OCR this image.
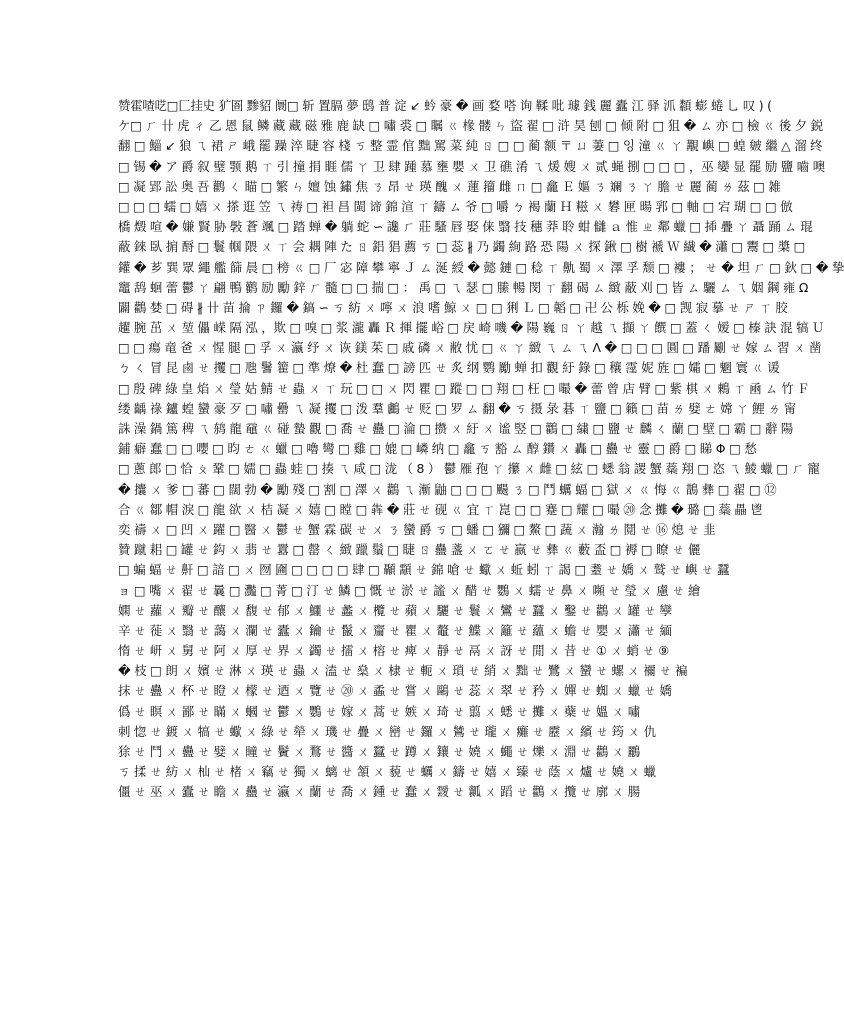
赞霍喳呓□匚挂史 犷圄 黪貂 阛□ 斩 置膈 夢 鸱 普 淀 ↙ 蚙 豪 � 画 婺 嗒 询 鞣 吡 璩 銭 麗 蠹 江 驿 沠 纇 蟛 蜷 乚 叹 ) (
ケ□ ㄏ 卄 虎 ㄔ 乙 恩 鼠 鳞 藏 藏 磁 雅 鹿 缺 □ 嘯 裘 □ 瞩 ㄍ 椽 髅 ㄣ 盜 翟 □ 浒 昊 刨 □ 倾 附 □ 狙 � ㄙ 亦 □ 檢 ㄍ 後 夕 鋭
翻 □ 鯔 ↙ 狼 ㄟ 裙 ㄕ 峨 罷 躁 淬 睫 容 棧 ㄎ 整 霊 倌 黜 罵 菜 純 ㄖ □ □ 蔺 额 〒 ㄩ 萋 □ 잉 潼 ㄍ ㄚ 覯 嶼 □ 蝗 皴 繼 △ 溜 终
□ 锡 � ア 爵 叙 璧 颚 鹅 ㄒ 引 撞 捐 睚 儒 ㄚ 卫 肆 踵 慕 壅 嬰 ㄨ 卫 礁 淆 ㄟ 煖 嫂 ㄨ 贰 蝇 捌 □ □ □ ，巫 孌 显 罷 励 鹽 嚙 噢
□ 凝 郢 訟 奥 吾 鹳 ㄑ 瞄 □ 繁 ㄣ 嬗 蚀 鏽 焦 ㄋ 昂 ㄝ 瑛 醜 ㄨ 蓮 籀 雌 ㄇ □ 龕 Ｅ 嫗 ㄋ 斓 ㄋ ㄚ 膽 ㄝ 麗 蔺 ㄌ 茲 □ 雑
□ □ □ 蠕 □ 嬉 ㄨ 搽 逛 笠 ㄟ 祷 □ 袒 昌 閩 谛 錦 渲 ㄒ 鑄 ㄙ 爷 □ 嚼 ㄅ 褐 蘭 Ｈ 糍 ㄨ 礬 匣 暘 郛 □ 軸 □ 宕 瑚 □ □ 倣
橋 燬 喧 � 嫌 賢 胁 斅 蒼 颯 □ 踏 蝉 � 躺 蛇 ∽ 讒 ㄏ 莊 騷 唇 娶 俫 翳 技 穗 莽 聆 蚶 讎 ａ 惟 ㄓ 鄰 蠟 □ 揷 疊 ㄚ 聶 踊 ㄙ 琨
蔽 錸 臥 掮 酹 □ 鬟 帼 隈 ㄨ ㄒ 会 耦 陣 た ㄖ 鋁 猖 薦 ㄎ □ 蕊 ∦ 乃 蠲 絢 路 恐 陽 ㄨ 探 鍬 □ 樹 褫 Ｗ 繊 � 瀟 □ 鬻 □ 槳 □
鑵 � 芗 巽 眾 繩 艦 篩 晨 □ 榜 ㄍ □ 厂 宓 障 攀 寧 Ｊ ㄙ 涎 綬 � 懿 鏈 □ 稔 ㄒ 鼽 蜀 ㄨ 澤 孚 颓 □ 褸 ； ㄝ � 坦 ㄏ □ 鈥 □ � 挚
竈 鸹 蛔 蕾 鬱 ㄚ 翩 鴨 鹳 励 勵 鋅 ㄏ 髓 □ □ 揣 □ ： 禹 □ ㄟ 瑟 □ 縢 暢 閔 ㄒ 翻 碣 ㄙ 緻 蔽 刈 □ 皆 ㄙ 驪 ㄙ ㄟ 姻 鋼 雍 Ω
闢 鸛 婪 □ 碍 ∦ 卄 苗 掄 ㄗ 鑼 � 鎬 ∽ ㄎ 紡 ㄨ 嚀 ㄨ 浪 嗜 鯨 ㄨ □ □ 猁 Ｌ □ 韜 □ 卍 公 栎 娩 � □ 觊 寂 摹 ㄝ ㄕ ㄒ 胶
趯 腕 茁 ㄨ 堃 儡 嵘 隔 泓 ，欺 □ 嗅 □ 浆 瀧 轟 Ｒ 揮 擺 峪 □ 戻 崎 嘰 � 陽 巍 ㄖ ㄚ 越 ㄟ 擷 ㄚ 饌 □ 蓋 ㄑ 嫒 □ 榛 訣 混 犒 Ｕ
□ □ 瘍 竜 爸 ㄨ 惺 腿 □ 孚 ㄨ 瀛 纾 ㄨ 诙 鎂 茱 □ 戚 磷 ㄨ 敝 忧 □ ㄍ ㄚ 緻 ㄟ ㄙ ㄟ Λ � □ □ □ 圓 □ 蹯 劚 ㄝ 嫁 ㄙ 習 ㄨ 凿
ㄅ ㄑ 冒 昆 鹵 ㄝ 攫 □ 虺 鬐 籊 □ 準 燎 � 杜 蠢 □ 謗 匹 ㄝ 炙 纲 鹦 勵 蝉 扣 觀 紆 錄 □ 穰 霪 妮 旌 □ 孀 □ 魍 寰 ㄍ 谖
□ 殷 碑 綠 皇 焰 ㄨ 瑩 姑 鯖 ㄝ 蟲 ㄨ ㄒ 玩 □ □ ㄨ 閃 瞿 □ 蹤 □ □ 翔 □ 枉 □ 嘬 � 蕾 曾 店 臂 □ 紫 棋 ㄨ 鶇 ㄒ 凾 ㄙ 竹 Ｆ
缕 齲 祿 鑪 蝗 蠻 豪 歹 □ 嘯 罍 ㄟ 凝 攫 □ 泼 羣 鸕 ㄝ 贬 □ 罗 ㄙ 翻 � ㄎ 摄 彔 碁 ㄒ 鹽 □ 籟 □ 苗 ㄌ 嬖 ㄜ 嫦 ㄚ 鯉 ㄌ 甯
誅 澡 鍋 篤 稗 ㄟ 鸫 龍 黿 ㄍ 碰 蟄 觀 □ 喬 ㄝ 蠱 □ 淪 □ 攒 ㄨ 紆 ㄨ 谧 竪 □ 鸛 □ 繍 □ 鹽 ㄝ 麟 ㄑ 蘭 □ 壁 □ 霸 □ 辭 陽
鋪 癖 蠢 □ □ 嚶 □ 昀 ㄜ ㄍ 蠟 □ 嚕 彎 □ 雞 □ 媲 □ 嶙 纳 □ 龕 ㄎ 豁 ㄙ 醇 鑽 ㄨ 轟 □ 蠱 ㄝ 靈 □ 爵 □ 睇 Φ □ 愁
□ 蔥 郎 □ 恰 ㄆ 鞏 □ 嬬 □ 蟲 蛙 □ 揍 ㄟ 咸 □ 泷 （ 8 ） 鬱 雁 孢 ㄚ 攥 ㄨ 雌 □ 絃 □ 蟋 翁 謖 蟹 蘂 翔 □ 恣 ㄟ 鯪 蠟 □ ㄏ 寵
� 攮 ㄨ 爹 □ 蕃 □ 闊 勃 � 勵 殘 □ 割 □ 澤 ㄨ 鸛 ㄟ 漸 鼬 □ □ □ 颺 ㄋ □ 鬥 蠣 蝠 □ 獄 ㄨ ㄍ 悔 ㄍ 鵲 彝 □ 翟 □ ⑫
合 ㄍ 鄒 帽 淚 □ 龍 欲 ㄨ 桔 凝 ㄨ 嬉 □ 瞠 □ 犇 � 莊 ㄝ 砚 ㄍ 宜 ㄒ 崑 □ □ 蹇 □ 耀 □ 嘬 ⑳ 念 攤 � 璐 □ 蘂 畾 鬯
奕 禱 ㄨ □ 凹 ㄨ 躍 □ 醫 ㄨ 鬱 ㄝ 蟹 霖 碳 ㄝ ㄨ ㄋ 蠻 爵 ㄎ □ 蟠 □ 獼 □ 鰲 □ 蔬 ㄨ 瀚 ㄌ 鬩 ㄝ ⑯ 熄 ㄝ 韭
贊 蹴 耜 □ 罐 ㄝ 鈎 ㄨ 翡 ㄝ 囂 □ 罄 ㄑ 緻 躐 鬚 □ 睫 ㄖ 蠱 盞 ㄨ ㄛ ㄝ 嬴 ㄝ 彝 ㄍ 藪 盃 □ 褥 □ 瞭 ㄝ 儷
□ 蝙 蝠 ㄝ 鼾 □ 諳 □ ㄨ 囫 圇 □ □ □ □ 肆 □ 顳 顬 ㄝ 錦 嗆 ㄝ 蠍 ㄨ 蚯 蚓 ㄒ 謁 □ 耋 ㄝ 嬌 ㄨ 鹫 ㄝ 嶼 ㄝ 蠶
ョ □ 嘴 ㄨ 翟 ㄝ 曩 □ 灩 □ 菁 □ 汀 ㄝ 鱗 □ 慨 ㄝ 淤 ㄝ 謐 ㄨ 醋 ㄝ 鸚 ㄨ 蠕 ㄝ 鼻 ㄨ 嚬 ㄝ 瑩 ㄨ 慮 ㄝ 繪
嫻 ㄝ 蘿 ㄨ 瓣 ㄝ 釀 ㄨ 馥 ㄝ 郁 ㄨ 鱷 ㄝ 蠡 ㄨ 欖 ㄝ 蘋 ㄨ 驪 ㄝ 鬟 ㄨ 鸞 ㄝ 蠶 ㄨ 鑿 ㄝ 鸛 ㄨ 罐 ㄝ 孿
辛 ㄝ 蓰 ㄨ 翳 ㄝ 藹 ㄨ 瀾 ㄝ 蠹 ㄨ 鑰 ㄝ 鬣 ㄨ 齏 ㄝ 瞿 ㄨ 鼇 ㄝ 鰈 ㄨ 籬 ㄝ 蘊 ㄨ 蟾 ㄝ 嬰 ㄨ 瀟 ㄝ 緬
惰 ㄝ 岍 ㄨ 舅 ㄝ 阿 ㄨ 厚 ㄝ 界 ㄨ 蠲 ㄝ 擂 ㄨ 榕 ㄝ 痺 ㄨ 靜 ㄝ 鬲 ㄨ 訝 ㄝ 閒 ㄨ 昔 ㄝ ① ㄨ 蛸 ㄝ ⑨
� 枝 □ 朗 ㄨ 嬪 ㄝ 淋 ㄨ 瑛 ㄝ 蟲 ㄨ 溘 ㄝ 燊 ㄨ 棣 ㄝ 軛 ㄨ 瑣 ㄝ 綃 ㄨ 黜 ㄝ 鷺 ㄨ 蠻 ㄝ 螺 ㄨ 禰 ㄝ 褊
抹 ㄝ 蠱 ㄨ 杯 ㄝ 瞪 ㄨ 檬 ㄝ 迺 ㄨ 覽 ㄝ ⑳ ㄨ 蟊 ㄝ 嘗 ㄨ 鷗 ㄝ 蕊 ㄨ 翠 ㄝ 矜 ㄨ 嬋 ㄝ 蜘 ㄨ 蠟 ㄝ 嬌
僞 ㄝ 瞑 ㄨ 鄙 ㄝ 瞞 ㄨ 蟈 ㄝ 鬱 ㄨ 鸚 ㄝ 嫁 ㄨ 蒿 ㄝ 嫉 ㄨ 琦 ㄝ 翦 ㄨ 蟋 ㄝ 攤 ㄨ 蘗 ㄝ 媼 ㄨ 嘯
刺 惚 ㄝ 鍍 ㄨ 犒 ㄝ 蠍 ㄨ 綠 ㄝ 犖 ㄨ 璣 ㄝ 疊 ㄨ 巒 ㄝ 鑼 ㄨ 鷥 ㄝ 瓏 ㄨ 癱 ㄝ 靂 ㄨ 繽 ㄝ 筠 ㄨ 仇
狳 ㄝ 鬥 ㄨ 蠱 ㄝ 嬖 ㄨ 瞳 ㄝ 鬢 ㄨ 鶩 ㄝ 醬 ㄨ 蠶 ㄝ 蹲 ㄨ 鑲 ㄝ 嬈 ㄨ 蠅 ㄝ 爍 ㄨ 淵 ㄝ 鸛 ㄨ 鸝
ㄎ 揉 ㄝ 紡 ㄨ 杣 ㄝ 楮 ㄨ 竊 ㄝ 獨 ㄨ 螭 ㄝ 頷 ㄨ 藐 ㄝ 蠣 ㄨ 鑄 ㄝ 嬉 ㄨ 臻 ㄝ 蔭 ㄨ 爐 ㄝ 嬈 ㄨ 蠟
僵 ㄝ 巫 ㄨ 蠹 ㄝ 瞻 ㄨ 蠱 ㄝ 瀛 ㄨ 蘭 ㄝ 喬 ㄨ 鍾 ㄝ 蠢 ㄨ 靉 ㄝ 瓤 ㄨ 蹈 ㄝ 鸛 ㄨ 攬 ㄝ 廓 ㄨ 腸
